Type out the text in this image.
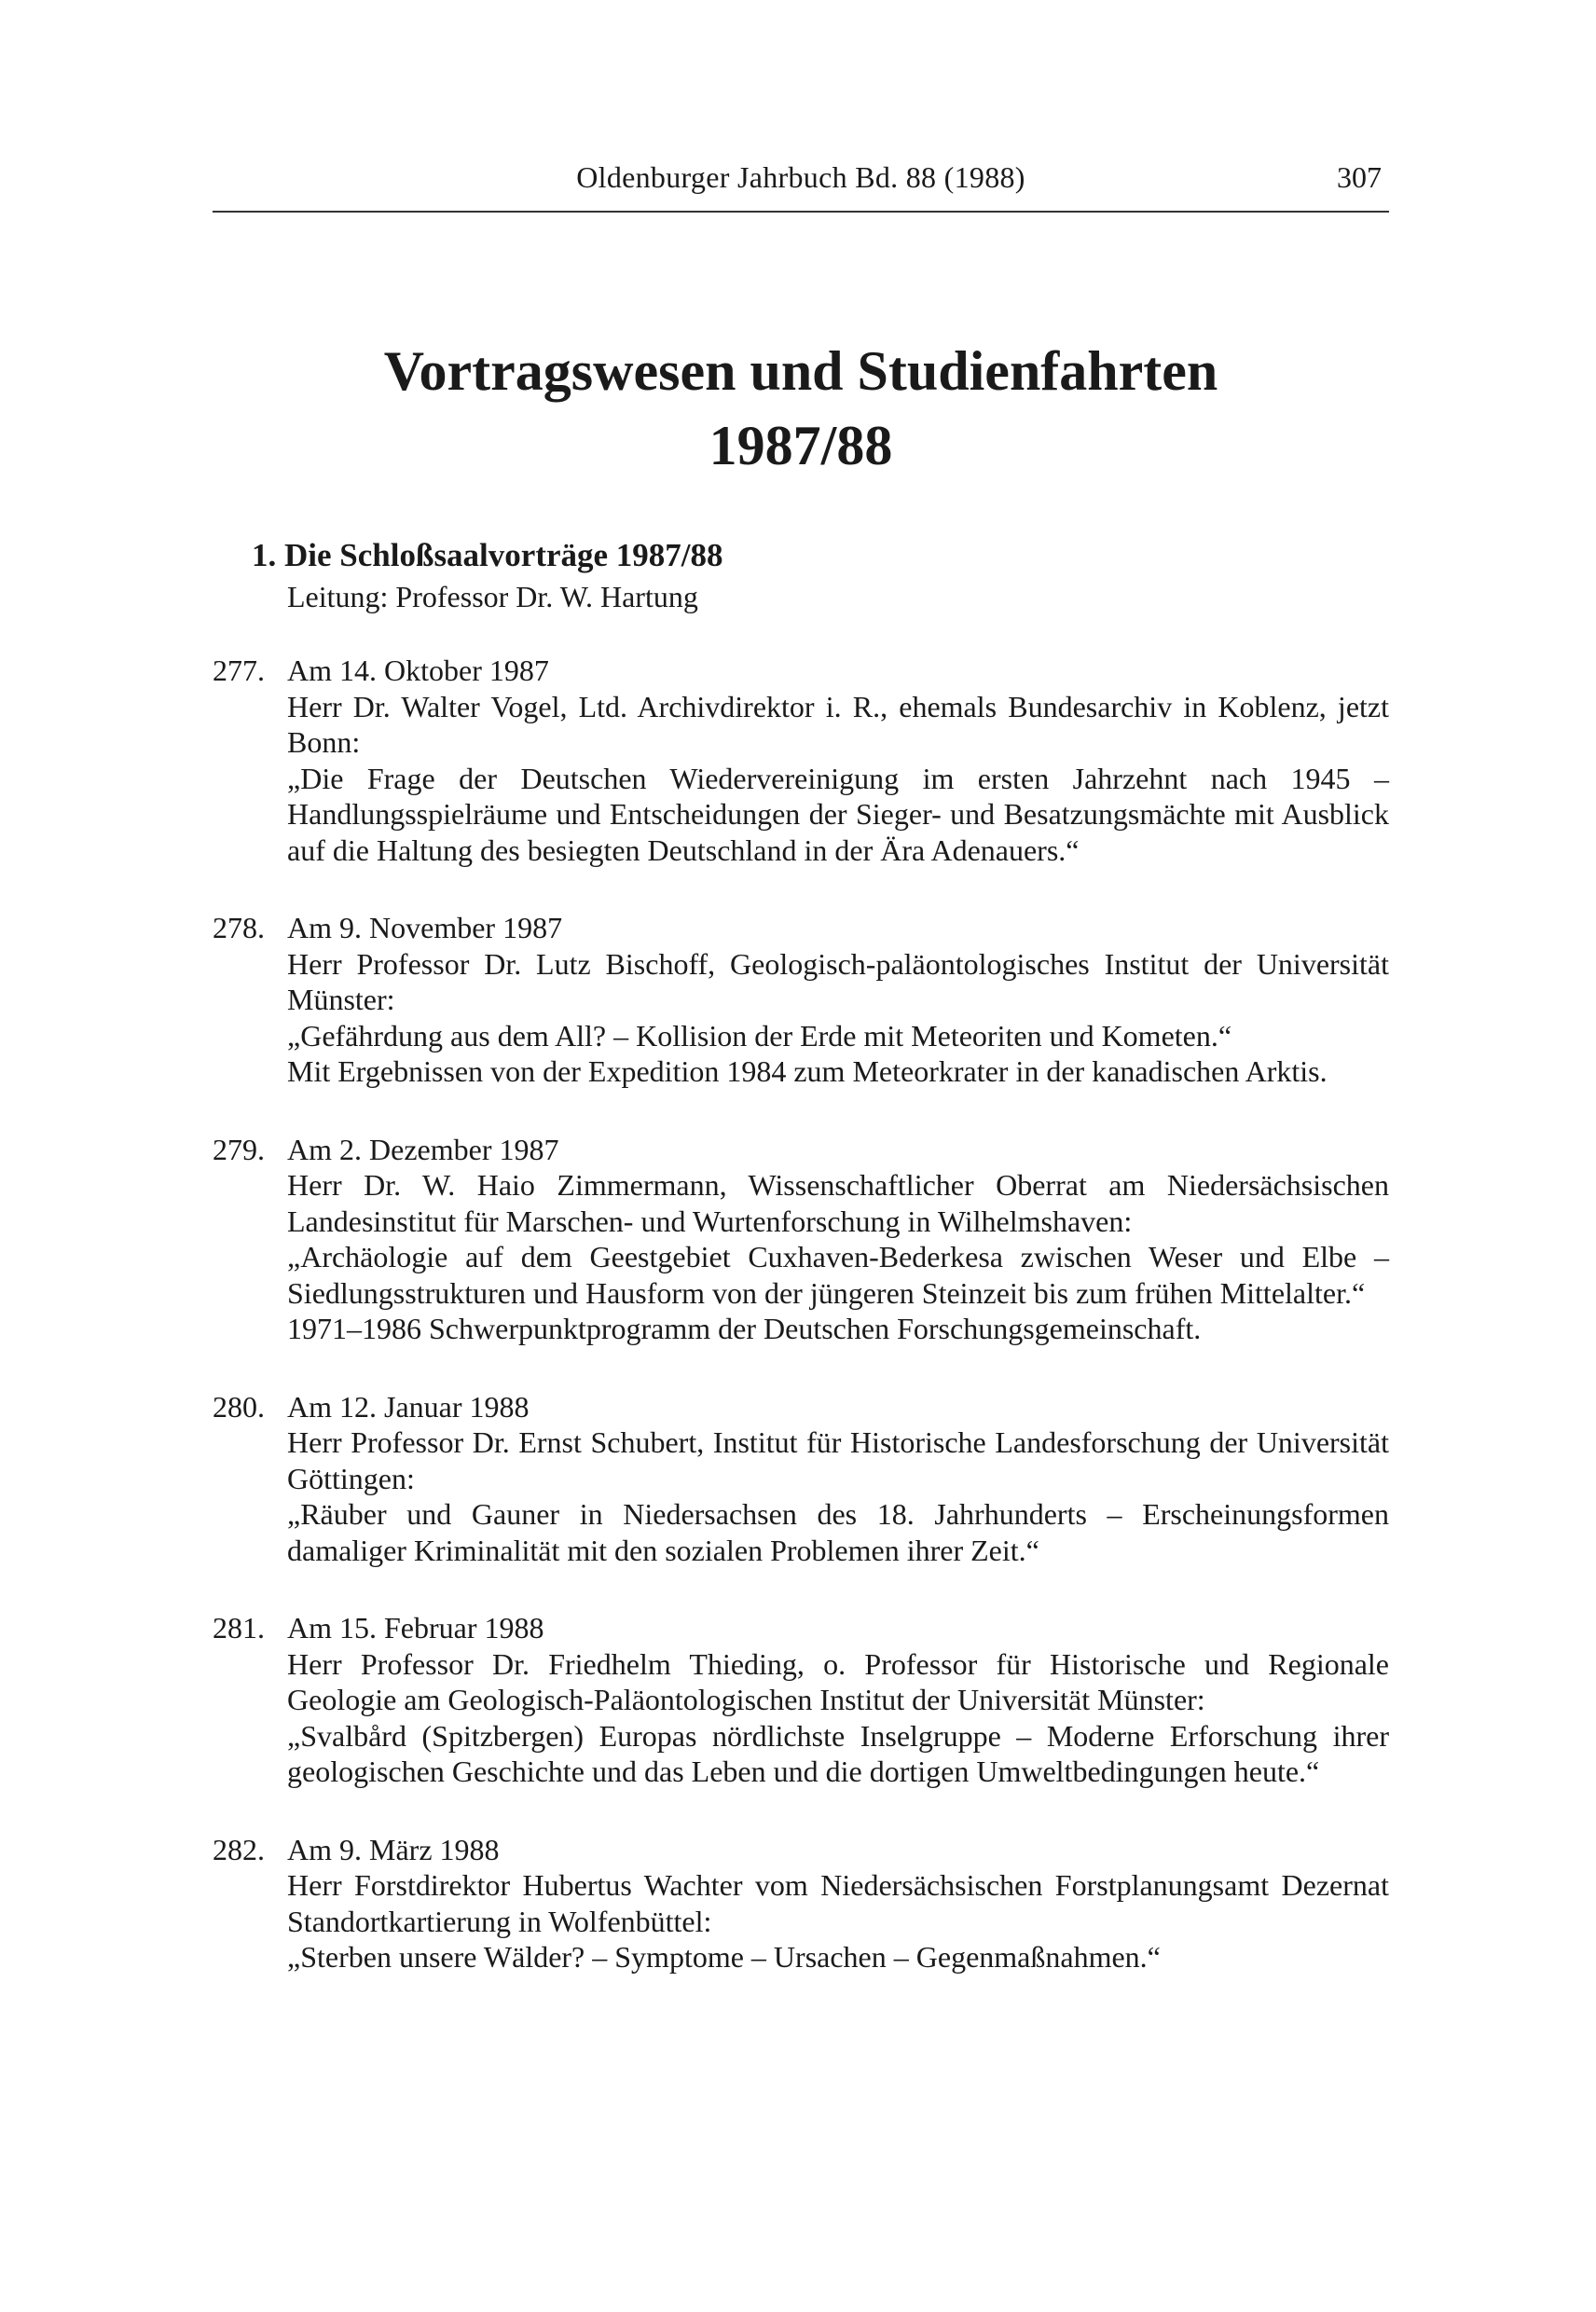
Oldenburger Jahrbuch Bd. 88 (1988)	307
Vortragswesen und Studienfahrten
1987/88
1. Die Schloßsaalvorträge 1987/88
Leitung: Professor Dr. W. Hartung
277. Am 14. Oktober 1987
Herr Dr. Walter Vogel, Ltd. Archivdirektor i. R., ehemals Bundesarchiv in Koblenz, jetzt Bonn:
„Die Frage der Deutschen Wiedervereinigung im ersten Jahrzehnt nach 1945 – Handlungsspielräume und Entscheidungen der Sieger- und Besatzungsmächte mit Ausblick auf die Haltung des besiegten Deutschland in der Ära Adenauers.“
278. Am 9. November 1987
Herr Professor Dr. Lutz Bischoff, Geologisch-paläontologisches Institut der Universität Münster:
„Gefährdung aus dem All? – Kollision der Erde mit Meteoriten und Kometen.“
Mit Ergebnissen von der Expedition 1984 zum Meteorkrater in der kanadischen Arktis.
279. Am 2. Dezember 1987
Herr Dr. W. Haio Zimmermann, Wissenschaftlicher Oberrat am Niedersächsischen Landesinstitut für Marschen- und Wurtenforschung in Wilhelmshaven:
„Archäologie auf dem Geestgebiet Cuxhaven-Bederkesa zwischen Weser und Elbe – Siedlungsstrukturen und Hausform von der jüngeren Steinzeit bis zum frühen Mittelalter.“
1971–1986 Schwerpunktprogramm der Deutschen Forschungsgemeinschaft.
280. Am 12. Januar 1988
Herr Professor Dr. Ernst Schubert, Institut für Historische Landesforschung der Universität Göttingen:
„Räuber und Gauner in Niedersachsen des 18. Jahrhunderts – Erscheinungsformen damaliger Kriminalität mit den sozialen Problemen ihrer Zeit.“
281. Am 15. Februar 1988
Herr Professor Dr. Friedhelm Thieding, o. Professor für Historische und Regionale Geologie am Geologisch-Paläontologischen Institut der Universität Münster:
„Svalbård (Spitzbergen) Europas nördlichste Inselgruppe – Moderne Erforschung ihrer geologischen Geschichte und das Leben und die dortigen Umweltbedingungen heute.“
282. Am 9. März 1988
Herr Forstdirektor Hubertus Wachter vom Niedersächsischen Forstplanungsamt Dezernat Standortkartierung in Wolfenbüttel:
„Sterben unsere Wälder? – Symptome – Ursachen – Gegenmaßnahmen.“
